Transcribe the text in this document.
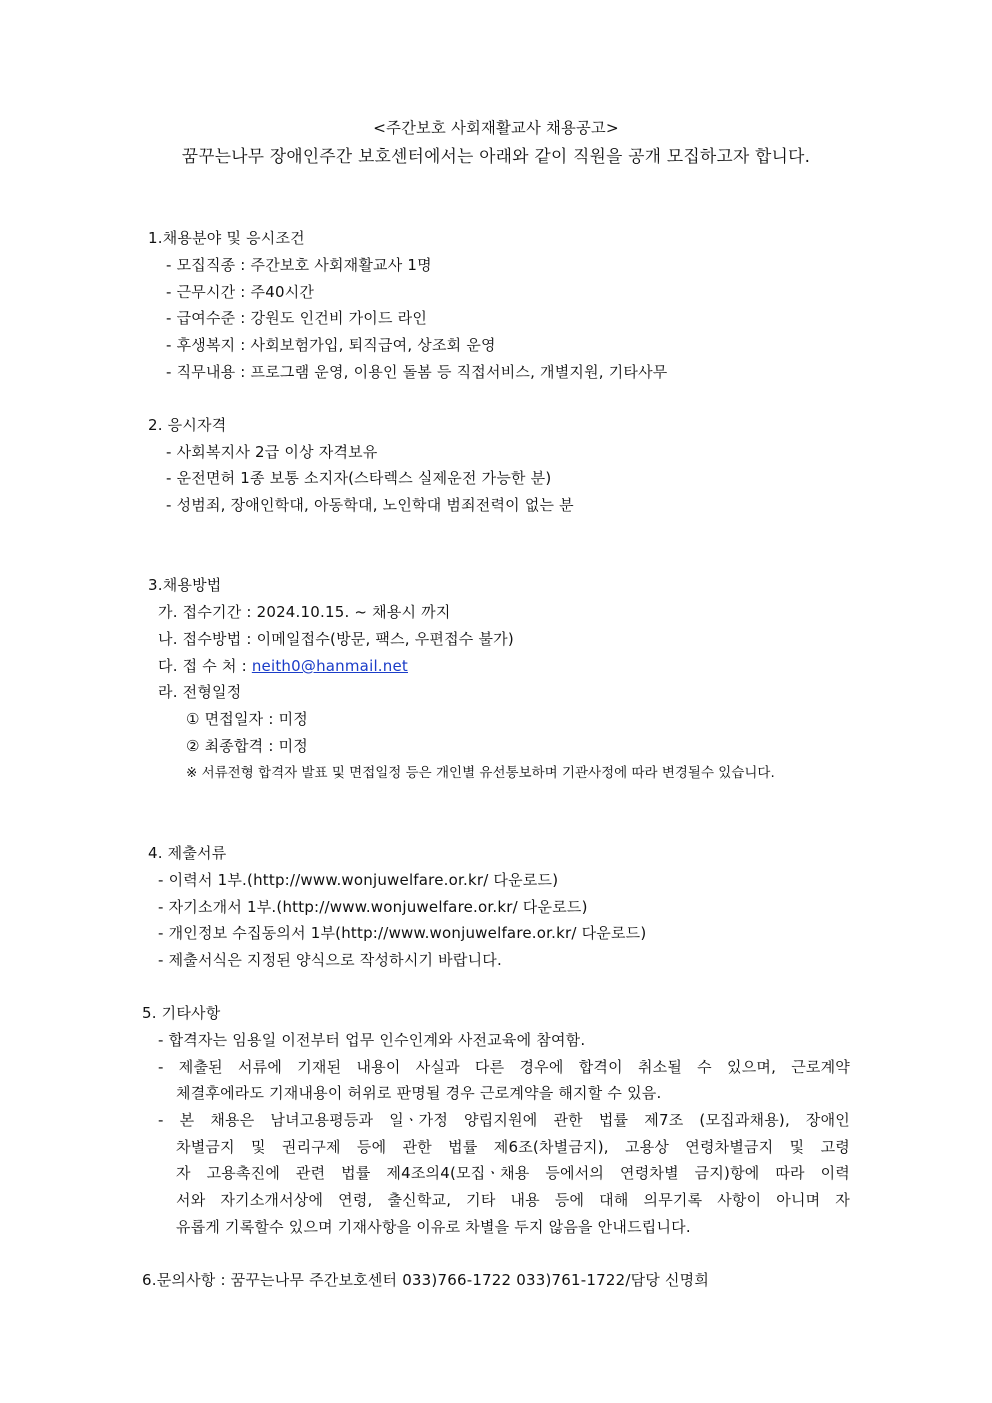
<주간보호 사회재활교사 채용공고>
꿈꾸는나무 장애인주간 보호센터에서는 아래와 같이 직원을 공개 모집하고자 합니다.
1.채용분야 및 응시조건
- 모집직종 : 주간보호 사회재활교사 1명
- 근무시간 : 주40시간
- 급여수준 : 강원도 인건비 가이드 라인
- 후생복지 : 사회보험가입, 퇴직급여, 상조회 운영
- 직무내용 : 프로그램 운영, 이용인 돌봄 등 직접서비스, 개별지원, 기타사무
2. 응시자격
- 사회복지사 2급 이상 자격보유
- 운전면허 1종 보통 소지자(스타렉스 실제운전 가능한 분)
- 성범죄, 장애인학대, 아동학대, 노인학대 범죄전력이 없는 분
3.채용방법
가. 접수기간 : 2024.10.15. ~ 채용시 까지
나. 접수방법 : 이메일접수(방문, 팩스, 우편접수 불가)
다. 접 수 처 : neith0@hanmail.net
라. 전형일정
① 면접일자 : 미정
② 최종합격 : 미정
※ 서류전형 합격자 발표 및 면접일정 등은 개인별 유선통보하며 기관사정에 따라 변경될수 있습니다.
4. 제출서류
- 이력서 1부.(http://www.wonjuwelfare.or.kr/ 다운로드)
- 자기소개서 1부.(http://www.wonjuwelfare.or.kr/ 다운로드)
- 개인정보 수집동의서 1부(http://www.wonjuwelfare.or.kr/ 다운로드)
- 제출서식은 지정된 양식으로 작성하시기 바랍니다.
5. 기타사항
- 합격자는 임용일 이전부터 업무 인수인계와 사전교육에 참여함.
- 제출된 서류에 기재된 내용이 사실과 다른 경우에 합격이 취소될 수 있으며, 근로계약
체결후에라도 기재내용이 허위로 판명될 경우 근로계약을 해지할 수 있음.
- 본 채용은 남녀고용평등과 일ㆍ가정 양립지원에 관한 법률 제7조 (모집과채용), 장애인
차별금지 및 권리구제 등에 관한 법률 제6조(차별금지), 고용상 연령차별금지 및 고령
자 고용촉진에 관련 법률 제4조의4(모집ㆍ채용 등에서의 연령차별 금지)항에 따라 이력
서와 자기소개서상에 연령, 출신학교, 기타 내용 등에 대해 의무기록 사항이 아니며 자
유롭게 기록할수 있으며 기재사항을 이유로 차별을 두지 않음을 안내드립니다.
6.문의사항 : 꿈꾸는나무 주간보호센터 033)766-1722 033)761-1722/담당 신명희
